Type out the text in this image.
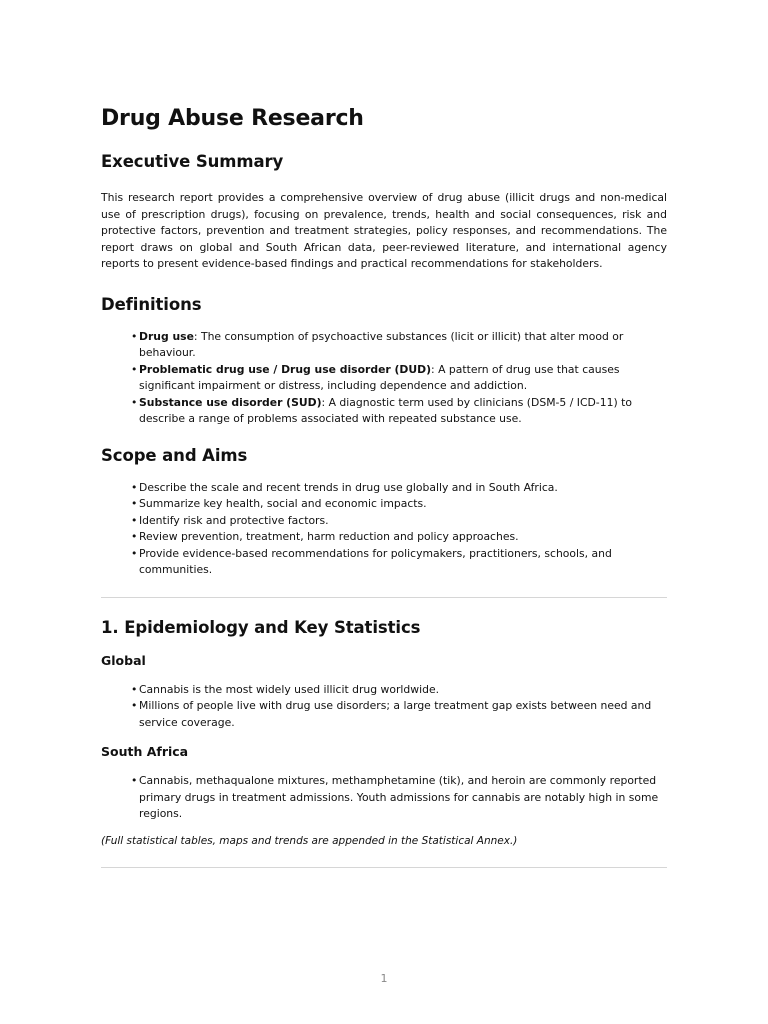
Drug Abuse Research
Executive Summary

This research report provides a comprehensive overview of drug abuse (illicit drugs and non-medical use of prescription drugs), focusing on prevalence, trends, health and social consequences, risk and protective factors, prevention and treatment strategies, policy responses, and recommendations. The report draws on global and South African data, peer-reviewed literature, and international agency reports to present evidence-based findings and practical recommendations for stakeholders.

Definitions
• Drug use: The consumption of psychoactive substances (licit or illicit) that alter mood or behaviour.
• Problematic drug use / Drug use disorder (DUD): A pattern of drug use that causes significant impairment or distress, including dependence and addiction.
• Substance use disorder (SUD): A diagnostic term used by clinicians (DSM-5 / ICD-11) to describe a range of problems associated with repeated substance use.
Scope and Aims
• Describe the scale and recent trends in drug use globally and in South Africa.
• Summarize key health, social and economic impacts.
• Identify risk and protective factors.
• Review prevention, treatment, harm reduction and policy approaches.
• Provide evidence-based recommendations for policymakers, practitioners, schools, and communities.
1. Epidemiology and Key Statistics
Global
• Cannabis is the most widely used illicit drug worldwide.
• Millions of people live with drug use disorders; a large treatment gap exists between need and service coverage.
South Africa
• Cannabis, methaqualone mixtures, methamphetamine (tik), and heroin are commonly reported primary drugs in treatment admissions. Youth admissions for cannabis are notably high in some regions.

(Full statistical tables, maps and trends are appended in the Statistical Annex.)

1
